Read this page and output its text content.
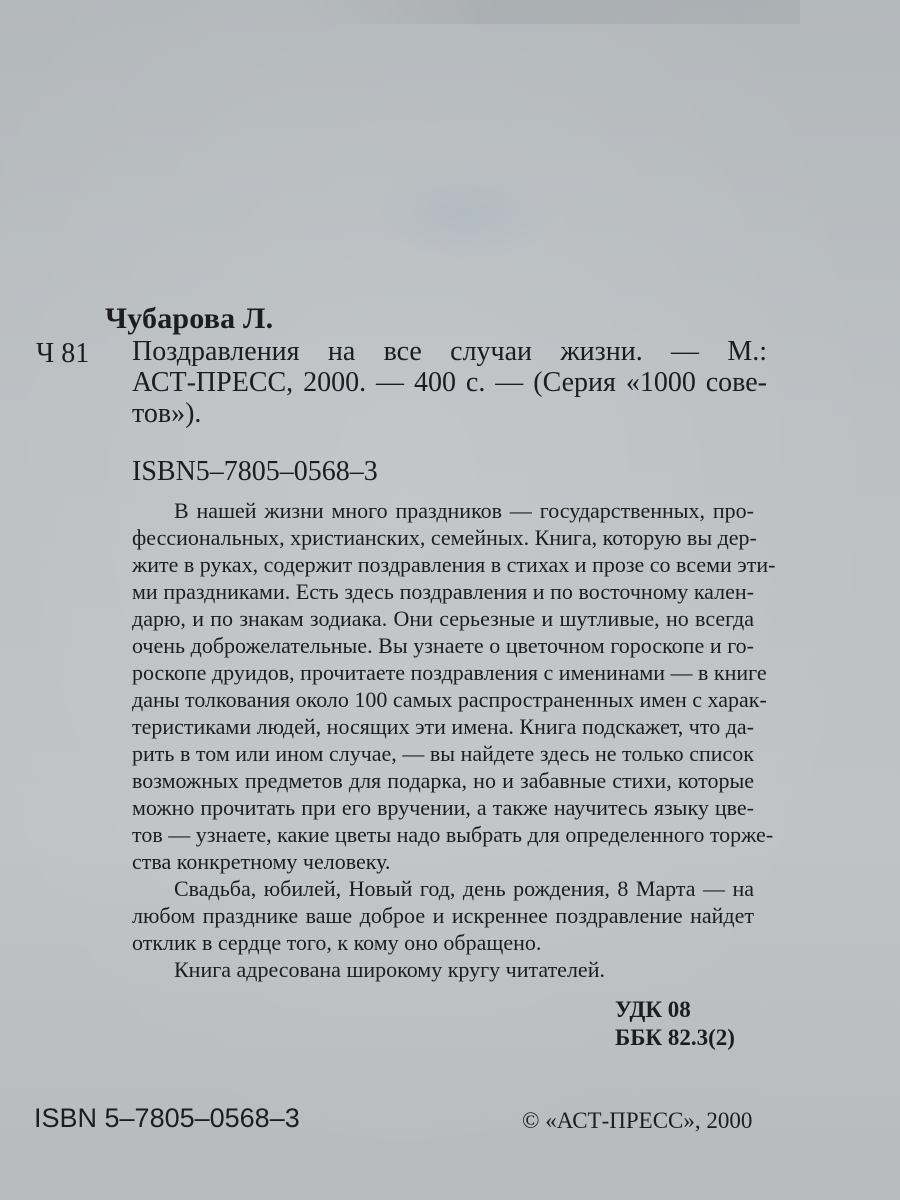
Чубарова Л.
Ч 81 Поздравления на все случаи жизни. — М.:
АСТ-ПРЕСС, 2000. — 400 с. — (Серия «1000 сове-
тов»).
ISBN5–7805–0568–3
В нашей жизни много праздников — государственных, про-
фессиональных, христианских, семейных. Книга, которую вы дер-
жите в руках, содержит поздравления в стихах и прозе со всеми эти-
ми праздниками. Есть здесь поздравления и по восточному кален-
дарю, и по знакам зодиака. Они серьезные и шутливые, но всегда
очень доброжелательные. Вы узнаете о цветочном гороскопе и го-
роскопе друидов, прочитаете поздравления с именинами — в книге
даны толкования около 100 самых распространенных имен с харак-
теристиками людей, носящих эти имена. Книга подскажет, что да-
рить в том или ином случае, — вы найдете здесь не только список
возможных предметов для подарка, но и забавные стихи, которые
можно прочитать при его вручении, а также научитесь языку цве-
тов — узнаете, какие цветы надо выбрать для определенного торже-
ства конкретному человеку.
Свадьба, юбилей, Новый год, день рождения, 8 Марта — на
любом празднике ваше доброе и искреннее поздравление найдет
отклик в сердце того, к кому оно обращено.
Книга адресована широкому кругу читателей.
УДК 08
ББК 82.3(2)
ISBN 5–7805–0568–3	© «АСТ-ПРЕСС», 2000
